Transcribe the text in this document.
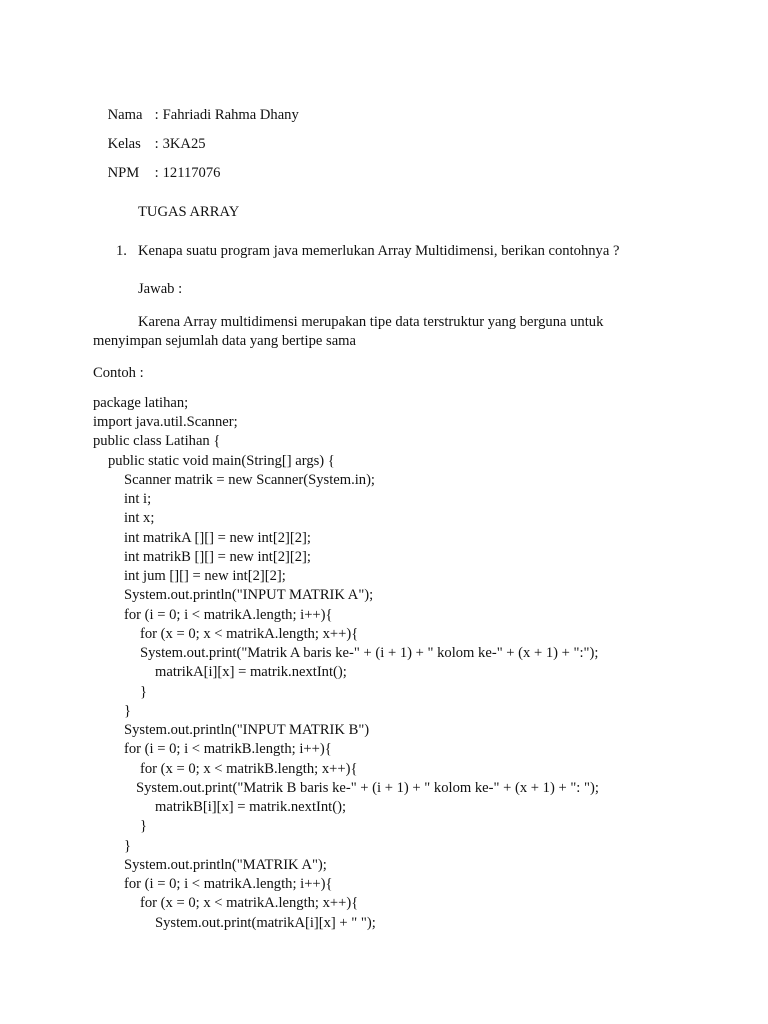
Nama : Fahriadi Rahma Dhany

Kelas : 3KA25

NPM : 12117076

TUGAS ARRAY
1. Kenapa suatu program java memerlukan Array Multidimensi, berikan contohnya ?
Jawab :
Karena Array multidimensi merupakan tipe data terstruktur yang berguna untuk
menyimpan sejumlah data yang bertipe sama
Contoh :
package latihan;
import java.util.Scanner;
public class Latihan {
public static void main(String[] args) {
Scanner matrik = new Scanner(System.in);
int i;
int x;
int matrikA [][] = new int[2][2];
int matrikB [][] = new int[2][2];
int jum [][] = new int[2][2];
System.out.println("INPUT MATRIK A");
for (i = 0; i < matrikA.length; i++){
for (x = 0; x < matrikA.length; x++){
System.out.print("Matrik A baris ke-" + (i + 1) + " kolom ke-" + (x + 1) + ":");
matrikA[i][x] = matrik.nextInt();
}
}
System.out.println("INPUT MATRIK B")
for (i = 0; i < matrikB.length; i++){
for (x = 0; x < matrikB.length; x++){
System.out.print("Matrik B baris ke-" + (i + 1) + " kolom ke-" + (x + 1) + ": ");
matrikB[i][x] = matrik.nextInt();
}
}
System.out.println("MATRIK A");
for (i = 0; i < matrikA.length; i++){
for (x = 0; x < matrikA.length; x++){
System.out.print(matrikA[i][x] + " ");
